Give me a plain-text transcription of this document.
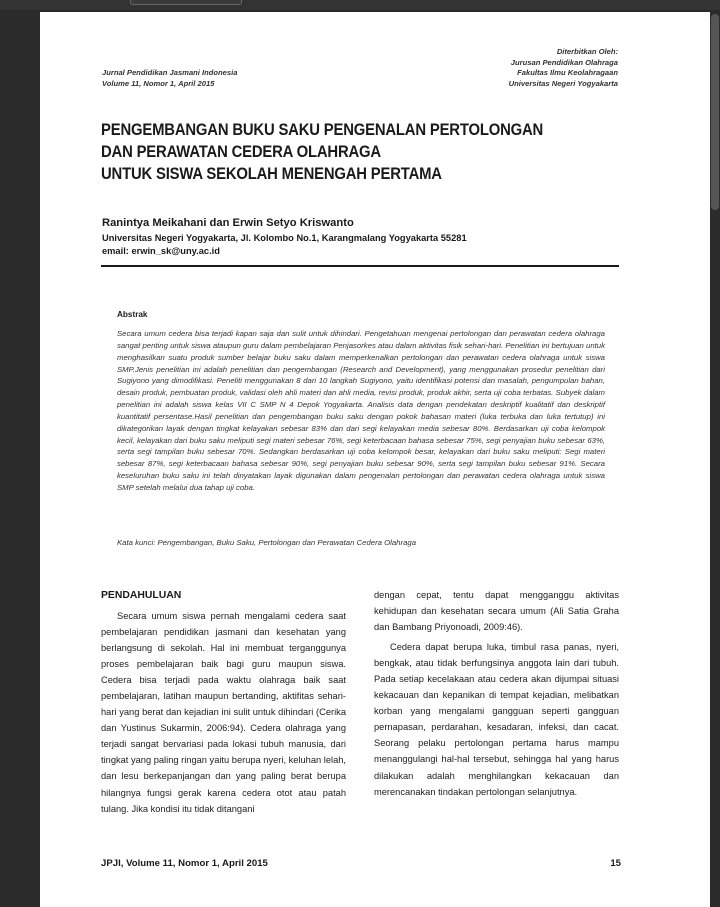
Jurnal Pendidikan Jasmani Indonesia
Volume 11, Nomor 1, April 2015
Diterbitkan Oleh:
Jurusan Pendidikan Olahraga
Fakultas Ilmu Keolahragaan
Universitas Negeri Yogyakarta
PENGEMBANGAN BUKU SAKU PENGENALAN PERTOLONGAN
DAN PERAWATAN CEDERA OLAHRAGA
UNTUK SISWA SEKOLAH MENENGAH PERTAMA
Ranintya Meikahani dan Erwin Setyo Kriswanto
Universitas Negeri Yogyakarta, Jl. Kolombo No.1, Karangmalang Yogyakarta 55281
email: erwin_sk@uny.ac.id
Abstrak
Secara umum cedera bisa terjadi kapan saja dan sulit untuk dihindari. Pengetahuan mengenai pertolongan dan perawatan cedera olahraga sangat penting untuk siswa ataupun guru dalam pembelajaran Penjasorkes atau dalam aktivitas fisik sehari-hari. Penelitian ini bertujuan untuk menghasilkan suatu produk sumber belajar buku saku dalam memperkenalkan pertolongan dan perawatan cedera olahraga untuk siswa SMP.Jenis penelitian ini adalah penelitian dan pengembangan (Research and Development), yang menggunakan prosedur penelitian dari Sugiyono yang dimodifikasi. Peneliti menggunakan 8 dari 10 langkah Sugiyono, yaitu identifikasi potensi dan masalah, pengumpulan bahan, desain produk, pembuatan produk, validasi oleh ahli materi dan ahli media, revisi produk, produk akhir, serta uji coba terbatas. Subyek dalam penelitian ini adalah siswa kelas VII C SMP N 4 Depok Yogyakarta. Analisis data dengan pendekatan deskriptif kualitatif dan deskriptif kuantitatif persentase.Hasil penelitian dan pengembangan buku saku dengan pokok bahasan materi (luka terbuka dan luka tertutup) ini dikategorikan layak dengan tingkat kelayakan sebesar 83% dan dari segi kelayakan media sebesar 80%. Berdasarkan uji coba kelompok kecil, kelayakan dari buku saku meliputi segi materi sebesar 76%, segi keterbacaan bahasa sebesar 75%, segi penyajian buku sebesar 63%, serta segi tampilan buku sebesar 70%. Sedangkan berdasarkan uji coba kelompok besar, kelayakan dari buku saku meliputi: Segi materi sebesar 87%, segi keterbacaan bahasa sebesar 90%, segi penyajian buku sebesar 90%, serta segi tampilan buku sebesar 91%. Secara keseluruhan buku saku ini telah dinyatakan layak digunakan dalam pengenalan pertolongan dan perawatan cedera olahraga untuk siswa SMP setelah melalui dua tahap uji coba.
Kata kunci: Pengembangan, Buku Saku, Pertolongan dan Perawatan Cedera Olahraga
PENDAHULUAN

Secara umum siswa pernah mengalami cedera saat pembelajaran pendidikan jasmani dan kesehatan yang berlangsung di sekolah. Hal ini membuat terganggunya proses pembelajaran baik bagi guru maupun siswa. Cedera bisa terjadi pada waktu olahraga baik saat pembelajaran, latihan maupun bertanding, aktifitas sehari-hari yang berat dan kejadian ini sulit untuk dihindari (Cerika dan Yustinus Sukarmin, 2006:94). Cedera olahraga yang terjadi sangat bervariasi pada lokasi tubuh manusia, dari tingkat yang paling ringan yaitu berupa nyeri, keluhan lelah, dan lesu berkepanjangan dan yang paling berat berupa hilangnya fungsi gerak karena cedera otot atau patah tulang. Jika kondisi itu tidak ditangani

dengan cepat, tentu dapat mengganggu aktivitas kehidupan dan kesehatan secara umum (Ali Satia Graha dan Bambang Priyonoadi, 2009:46).

Cedera dapat berupa luka, timbul rasa panas, nyeri, bengkak, atau tidak berfungsinya anggota lain dari tubuh. Pada setiap kecelakaan atau cedera akan dijumpai situasi kekacauan dan kepanikan di tempat kejadian, melibatkan korban yang mengalami gangguan seperti gangguan pernapasan, perdarahan, kesadaran, infeksi, dan cacat. Seorang pelaku pertolongan pertama harus mampu menanggulangi hal-hal tersebut, sehingga hal yang harus dilakukan adalah menghilangkan kekacauan dan merencanakan tindakan pertolongan selanjutnya.

JPJI, Volume 11, Nomor 1, April 2015	15
